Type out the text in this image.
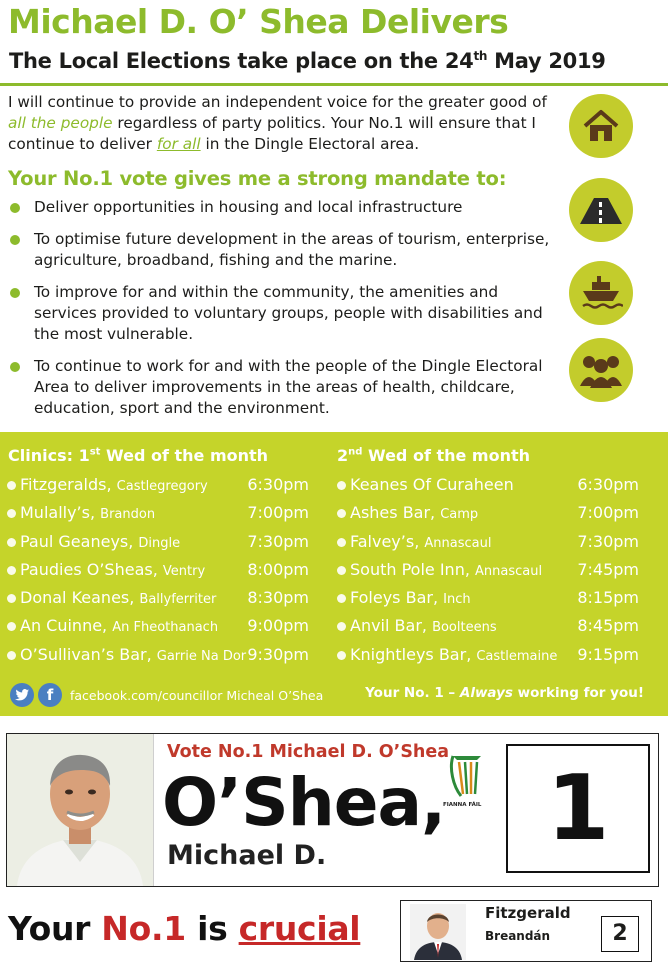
Michael D. O’ Shea Delivers
The Local Elections take place on the 24th May 2019
I will continue to provide an independent voice for the greater good of all the people regardless of party politics. Your No.1 will ensure that I continue to deliver for all in the Dingle Electoral area.
Your No.1 vote gives me a strong mandate to:
Deliver opportunities in housing and local infrastructure
To optimise future development in the areas of tourism, enterprise, agriculture, broadband, fishing and the marine.
To improve for and within the community, the amenities and services provided to voluntary groups, people with disabilities and the most vulnerable.
To continue to work for and with the people of the Dingle Electoral Area to deliver improvements in the areas of health, childcare, education, sport and the environment.
Clinics: 1st Wed of the month	2nd Wed of the month
Fitzgeralds, Castlegregory	6:30pm
Mulally’s, Brandon	7:00pm
Paul Geaneys, Dingle	7:30pm
Paudies O’Sheas, Ventry	8:00pm
Donal Keanes, Ballyferriter	8:30pm
An Cuinne, An Fheothanach	9:00pm
O’Sullivan’s Bar, Garrie Na Dor 9:30pm
Keanes Of Curaheen	6:30pm
Ashes Bar, Camp	7:00pm
Falvey’s, Annascaul	7:30pm
South Pole Inn, Annascaul	7:45pm
Foleys Bar, Inch	8:15pm
Anvil Bar, Boolteens	8:45pm
Knightleys Bar, Castlemaine	9:15pm
f	facebook.com/councillor Micheal O’Shea	Your No. 1 – Always working for you!
Vote No.1 Michael D. O’Shea
O’Shea,
Michael D.
FIANNA FÁIL 1
Your No.1 is crucial	Fitzgerald
Breandán	2
